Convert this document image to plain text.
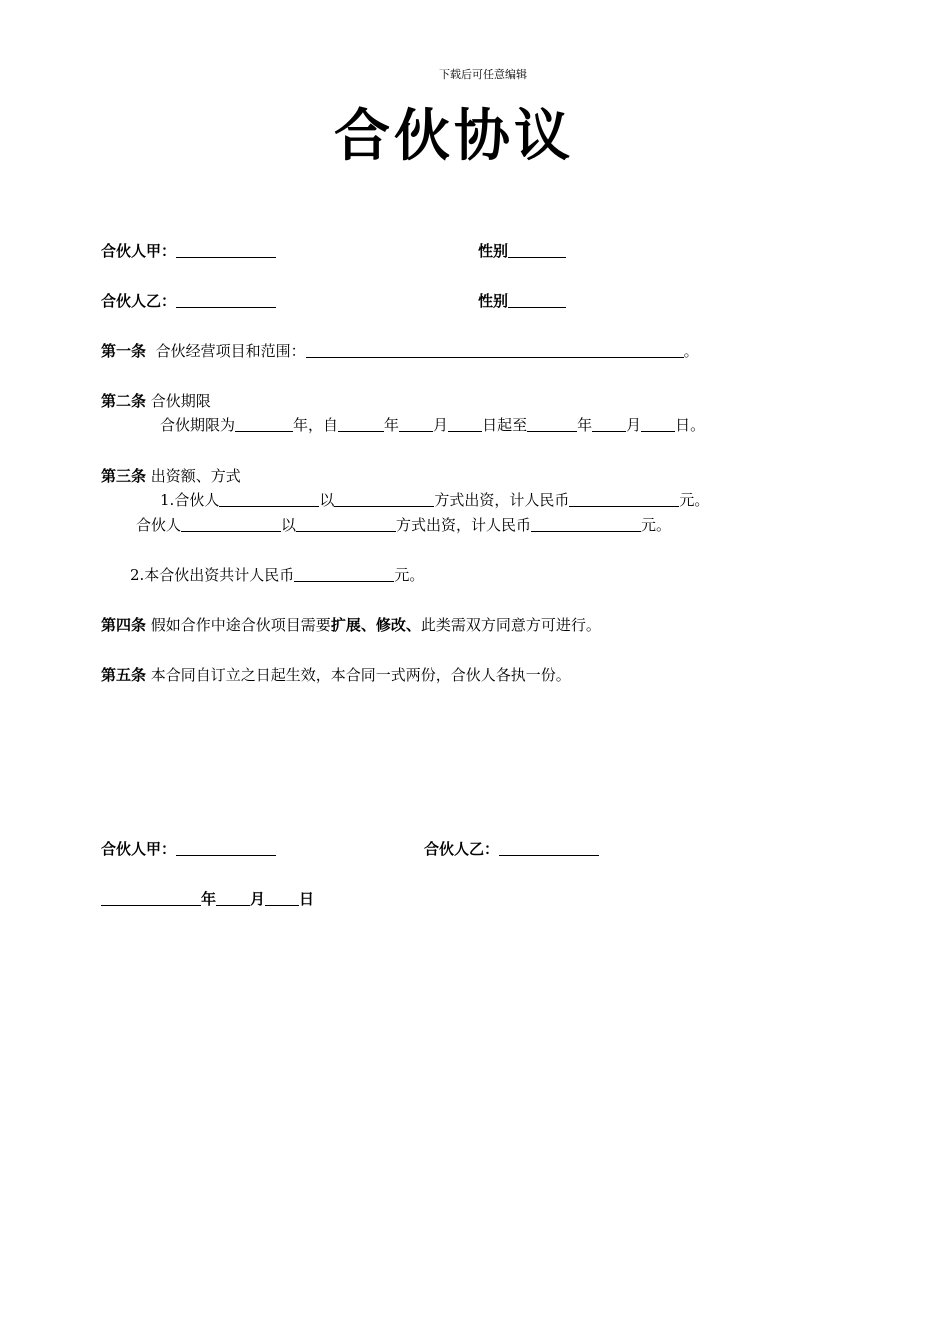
下载后可任意编辑
合伙协议
合伙人甲：	性别
合伙人乙：	性别
第一条 合伙经营项目和范围：	。
第二条 合伙期限
合伙期限为	年，自	年 月 日起至	年 月 日。
第三条 出资额、方式
1.合伙人	以	方式出资，计人民币	元。
合伙人	以	方式出资，计人民币	元。
2.本合伙出资共计人民币	元。
第四条 假如合作中途合伙项目需要扩展、修改、此类需双方同意方可进行。
第五条 本合同自订立之日起生效，本合同一式两份，合伙人各执一份。
合伙人甲：	合伙人乙：
年 月 日
